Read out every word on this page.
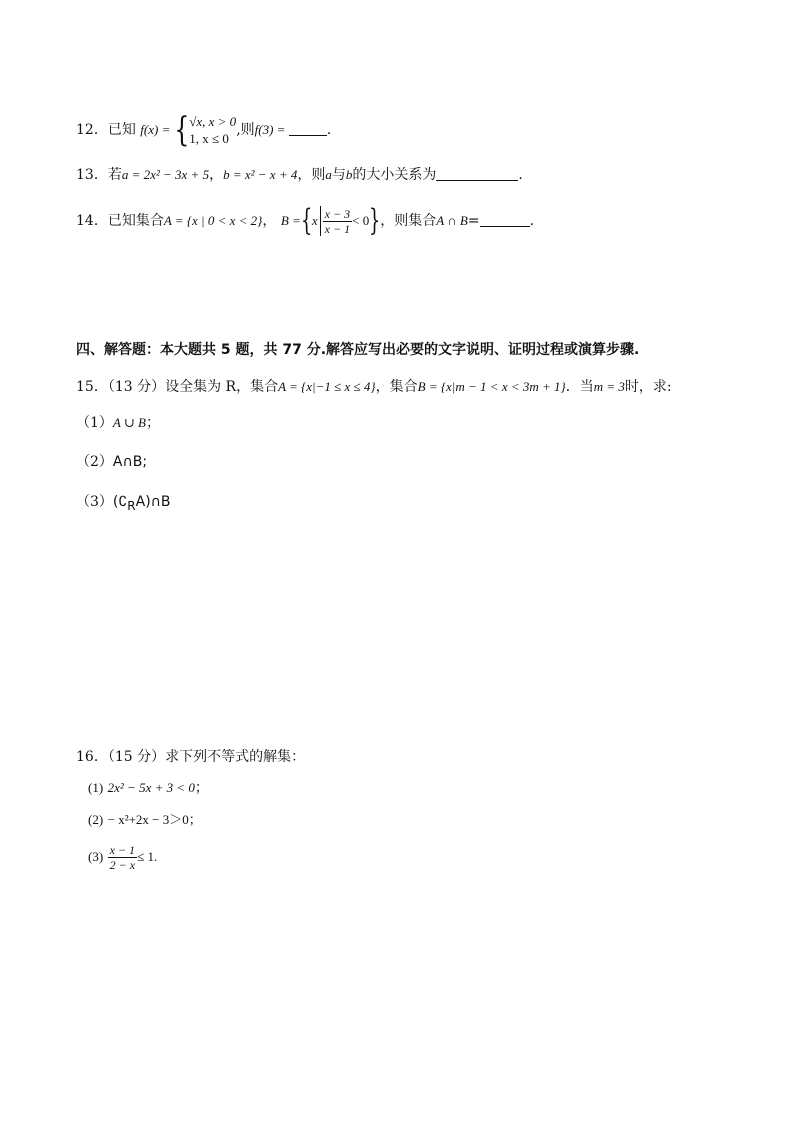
12．已知 f(x) = { √x, x > 0
1, x ≤ 0
,则f(3) =	.
13．若a = 2x² − 3x + 5，b = x² − x + 4，则a与b的大小关系为	.
14．已知集合A = {x | 0 < x < 2}， $B =\{x \frac{x - 3}{x - 1} < 0\}$，则集合A ∩ B=	.
四、解答题：本大题共 5 题，共 77 分.解答应写出必要的文字说明、证明过程或演算步骤.
15．（13 分）设全集为 R，集合A = {x|−1 ≤ x ≤ 4}，集合B = {x|m − 1 < x < 3m + 1}．当m = 3时，求:
（1）A ∪ B；
（2）A∩B;
$(3)(∁_RA)\cap B$
16．（15 分）求下列不等式的解集：
(1) 2x² − 5x + 3 < 0；
(2) − x²+2x − 3＞0；
$(3) \frac{x - 1}{2 - x} \le 1$.
